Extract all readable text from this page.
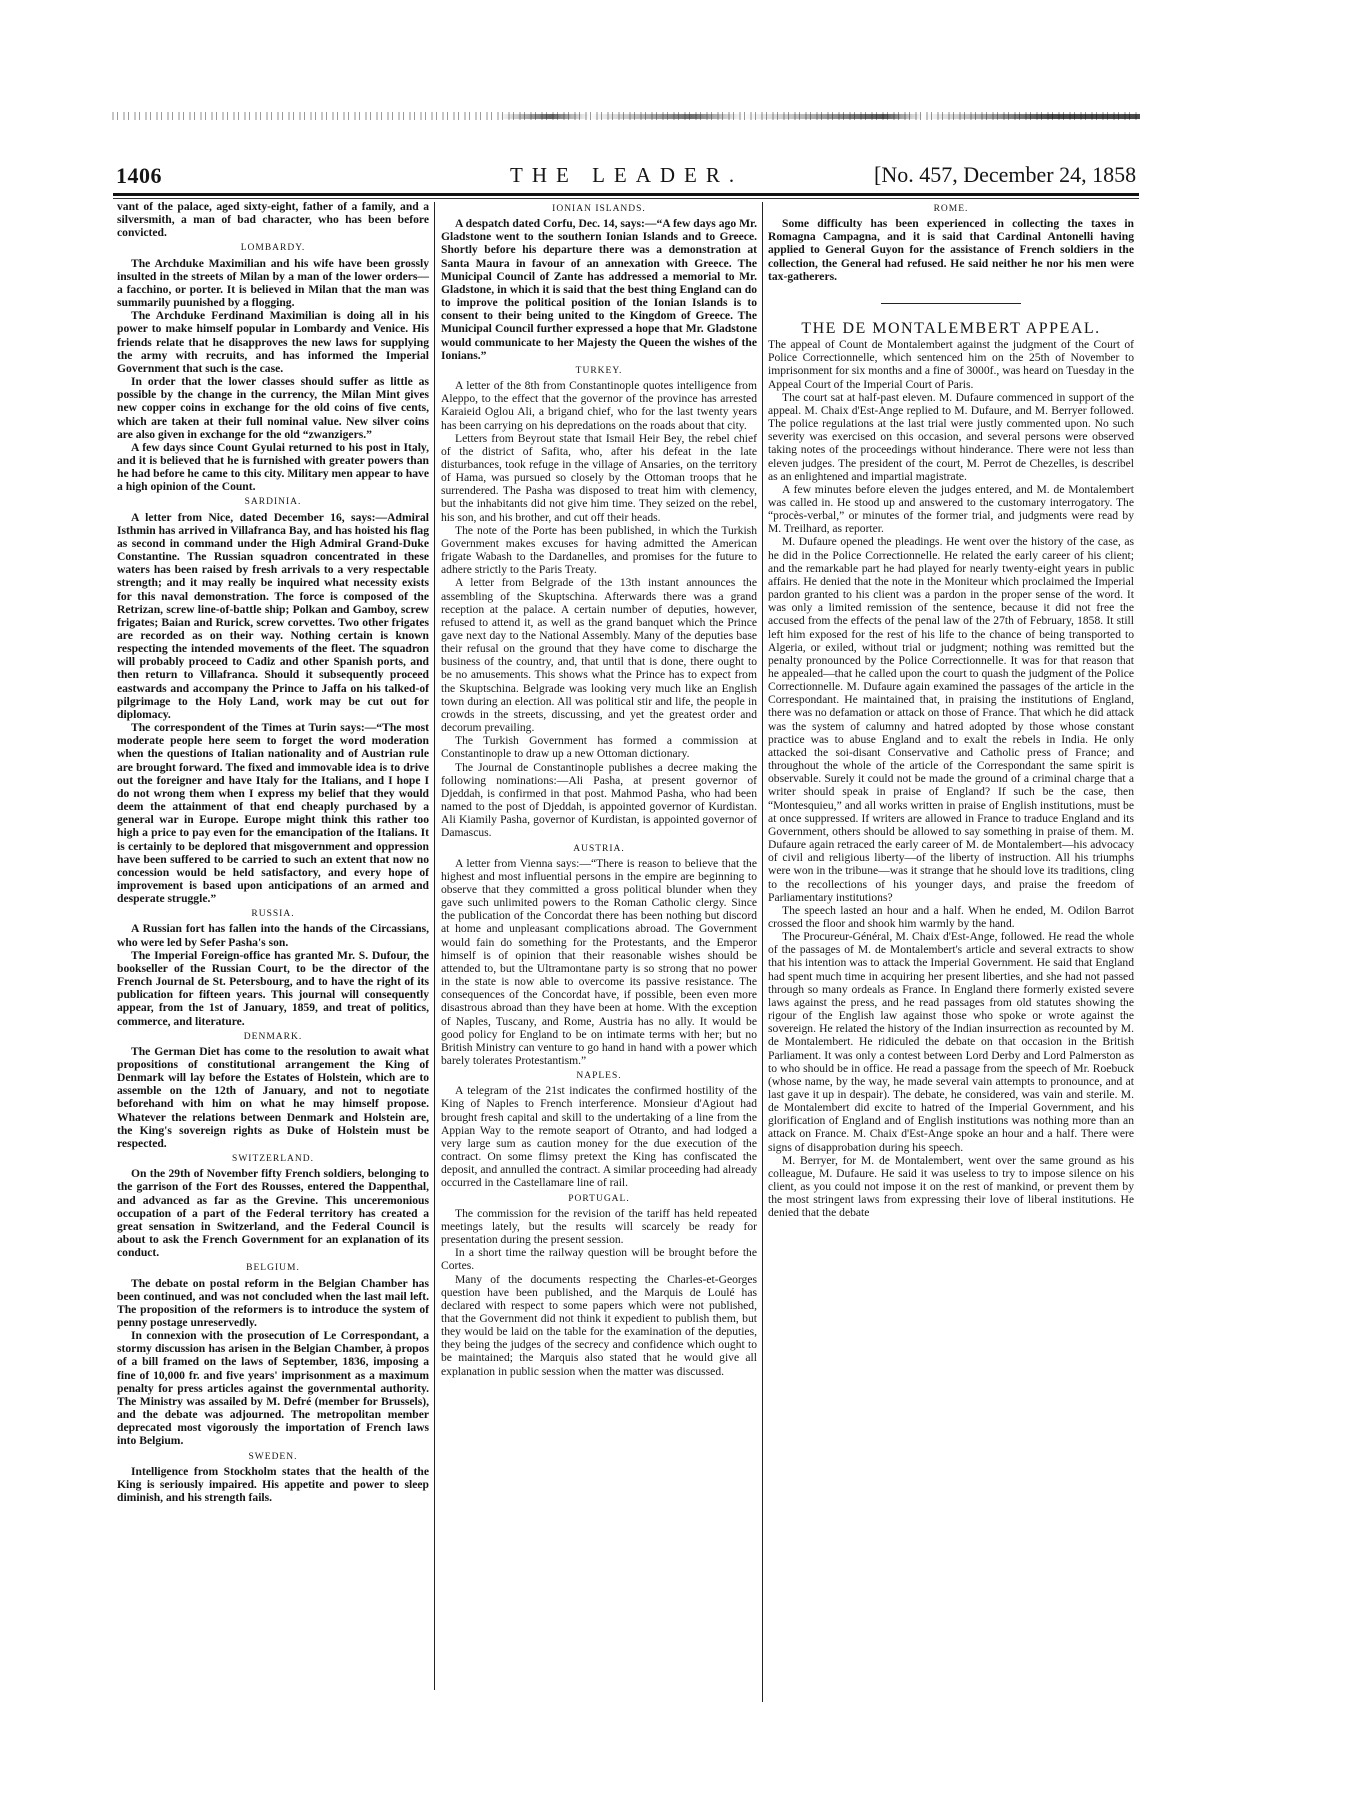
1406	THE LEADER.	[No. 457, December 24, 1858

vant of the palace, aged sixty-eight, father of a family, and a silversmith, a man of bad character, who has been before convicted.

LOMBARDY.

The Archduke Maximilian and his wife have been grossly insulted in the streets of Milan by a man of the lower orders—a facchino, or porter. It is believed in Milan that the man was summarily puunished by a flogging.

The Archduke Ferdinand Maximilian is doing all in his power to make himself popular in Lombardy and Venice. His friends relate that he disapproves the new laws for supplying the army with recruits, and has informed the Imperial Government that such is the case.

In order that the lower classes should suffer as little as possible by the change in the currency, the Milan Mint gives new copper coins in exchange for the old coins of five cents, which are taken at their full nominal value. New silver coins are also given in exchange for the old “zwanzigers.”

A few days since Count Gyulai returned to his post in Italy, and it is believed that he is furnished with greater powers than he had before he came to this city. Military men appear to have a high opinion of the Count.

SARDINIA.

A letter from Nice, dated December 16, says:—Admiral Isthmin has arrived in Villafranca Bay, and has hoisted his flag as second in command under the High Admiral Grand-Duke Constantine. The Russian squadron concentrated in these waters has been raised by fresh arrivals to a very respectable strength; and it may really be inquired what necessity exists for this naval demonstration. The force is composed of the Retrizan, screw line-of-battle ship; Polkan and Gamboy, screw frigates; Baian and Rurick, screw corvettes. Two other frigates are recorded as on their way. Nothing certain is known respecting the intended movements of the fleet. The squadron will probably proceed to Cadiz and other Spanish ports, and then return to Villafranca. Should it subsequently proceed eastwards and accompany the Prince to Jaffa on his talked-of pilgrimage to the Holy Land, work may be cut out for diplomacy.

The correspondent of the Times at Turin says:—“The most moderate people here seem to forget the word moderation when the questions of Italian nationality and of Austrian rule are brought forward. The fixed and immovable idea is to drive out the foreigner and have Italy for the Italians, and I hope I do not wrong them when I express my belief that they would deem the attainment of that end cheaply purchased by a general war in Europe. Europe might think this rather too high a price to pay even for the emancipation of the Italians. It is certainly to be deplored that misgovernment and oppression have been suffered to be carried to such an extent that now no concession would be held satisfactory, and every hope of improvement is based upon anticipations of an armed and desperate struggle.”

RUSSIA.

A Russian fort has fallen into the hands of the Circassians, who were led by Sefer Pasha's son.

The Imperial Foreign-office has granted Mr. S. Dufour, the bookseller of the Russian Court, to be the director of the French Journal de St. Petersbourg, and to have the right of its publication for fifteen years. This journal will consequently appear, from the 1st of January, 1859, and treat of politics, commerce, and literature.

DENMARK.

The German Diet has come to the resolution to await what propositions of constitutional arrangement the King of Denmark will lay before the Estates of Holstein, which are to assemble on the 12th of January, and not to negotiate beforehand with him on what he may himself propose. Whatever the relations between Denmark and Holstein are, the King's sovereign rights as Duke of Holstein must be respected.

SWITZERLAND.

On the 29th of November fifty French soldiers, belonging to the garrison of the Fort des Rousses, entered the Dappenthal, and advanced as far as the Grevine. This unceremonious occupation of a part of the Federal territory has created a great sensation in Switzerland, and the Federal Council is about to ask the French Government for an explanation of its conduct.

BELGIUM.

The debate on postal reform in the Belgian Chamber has been continued, and was not concluded when the last mail left. The proposition of the reformers is to introduce the system of penny postage unreservedly.

In connexion with the prosecution of Le Correspondant, a stormy discussion has arisen in the Belgian Chamber, à propos of a bill framed on the laws of September, 1836, imposing a fine of 10,000 fr. and five years' imprisonment as a maximum penalty for press articles against the governmental authority. The Ministry was assailed by M. Defré (member for Brussels), and the debate was adjourned. The metropolitan member deprecated most vigorously the importation of French laws into Belgium.

SWEDEN.

Intelligence from Stockholm states that the health of the King is seriously impaired. His appetite and power to sleep diminish, and his strength fails.

IONIAN ISLANDS.

A despatch dated Corfu, Dec. 14, says:—“A few days ago Mr. Gladstone went to the southern Ionian Islands and to Greece. Shortly before his departure there was a demonstration at Santa Maura in favour of an annexation with Greece. The Municipal Council of Zante has addressed a memorial to Mr. Gladstone, in which it is said that the best thing England can do to improve the political position of the Ionian Islands is to consent to their being united to the Kingdom of Greece. The Municipal Council further expressed a hope that Mr. Gladstone would communicate to her Majesty the Queen the wishes of the Ionians.”

TURKEY.

A letter of the 8th from Constantinople quotes intelligence from Aleppo, to the effect that the governor of the province has arrested Karaieid Oglou Ali, a brigand chief, who for the last twenty years has been carrying on his depredations on the roads about that city.

Letters from Beyrout state that Ismail Heir Bey, the rebel chief of the district of Safita, who, after his defeat in the late disturbances, took refuge in the village of Ansaries, on the territory of Hama, was pursued so closely by the Ottoman troops that he surrendered. The Pasha was disposed to treat him with clemency, but the inhabitants did not give him time. They seized on the rebel, his son, and his brother, and cut off their heads.

The note of the Porte has been published, in which the Turkish Government makes excuses for having admitted the American frigate Wabash to the Dardanelles, and promises for the future to adhere strictly to the Paris Treaty.

A letter from Belgrade of the 13th instant announces the assembling of the Skuptschina. Afterwards there was a grand reception at the palace. A certain number of deputies, however, refused to attend it, as well as the grand banquet which the Prince gave next day to the National Assembly. Many of the deputies base their refusal on the ground that they have come to discharge the business of the country, and, that until that is done, there ought to be no amusements. This shows what the Prince has to expect from the Skuptschina. Belgrade was looking very much like an English town during an election. All was political stir and life, the people in crowds in the streets, discussing, and yet the greatest order and decorum prevailing.

The Turkish Government has formed a commission at Constantinople to draw up a new Ottoman dictionary.

The Journal de Constantinople publishes a decree making the following nominations:—Ali Pasha, at present governor of Djeddah, is confirmed in that post. Mahmod Pasha, who had been named to the post of Djeddah, is appointed governor of Kurdistan. Ali Kiamily Pasha, governor of Kurdistan, is appointed governor of Damascus.

AUSTRIA.

A letter from Vienna says:—“There is reason to believe that the highest and most influential persons in the empire are beginning to observe that they committed a gross political blunder when they gave such unlimited powers to the Roman Catholic clergy. Since the publication of the Concordat there has been nothing but discord at home and unpleasant complications abroad. The Government would fain do something for the Protestants, and the Emperor himself is of opinion that their reasonable wishes should be attended to, but the Ultramontane party is so strong that no power in the state is now able to overcome its passive resistance. The consequences of the Concordat have, if possible, been even more disastrous abroad than they have been at home. With the exception of Naples, Tuscany, and Rome, Austria has no ally. It would be good policy for England to be on intimate terms with her; but no British Ministry can venture to go hand in hand with a power which barely tolerates Protestantism.”

NAPLES.

A telegram of the 21st indicates the confirmed hostility of the King of Naples to French interference. Monsieur d'Agiout had brought fresh capital and skill to the undertaking of a line from the Appian Way to the remote seaport of Otranto, and had lodged a very large sum as caution money for the due execution of the contract. On some flimsy pretext the King has confiscated the deposit, and annulled the contract. A similar proceeding had already occurred in the Castellamare line of rail.

PORTUGAL.

The commission for the revision of the tariff has held repeated meetings lately, but the results will scarcely be ready for presentation during the present session.

In a short time the railway question will be brought before the Cortes.

Many of the documents respecting the Charles-et-Georges question have been published, and the Marquis de Loulé has declared with respect to some papers which were not published, that the Government did not think it expedient to publish them, but they would be laid on the table for the examination of the deputies, they being the judges of the secrecy and confidence which ought to be maintained; the Marquis also stated that he would give all explanation in public session when the matter was discussed.

ROME.

Some difficulty has been experienced in collecting the taxes in Romagna Campagna, and it is said that Cardinal Antonelli having applied to General Guyon for the assistance of French soldiers in the collection, the General had refused. He said neither he nor his men were tax-gatherers.

THE DE MONTALEMBERT APPEAL.

The appeal of Count de Montalembert against the judgment of the Court of Police Correctionnelle, which sentenced him on the 25th of November to imprisonment for six months and a fine of 3000f., was heard on Tuesday in the Appeal Court of the Imperial Court of Paris.

The court sat at half-past eleven. M. Dufaure commenced in support of the appeal. M. Chaix d'Est-Ange replied to M. Dufaure, and M. Berryer followed. The police regulations at the last trial were justly commented upon. No such severity was exercised on this occasion, and several persons were observed taking notes of the proceedings without hinderance. There were not less than eleven judges. The president of the court, M. Perrot de Chezelles, is describel as an enlightened and impartial magistrate.

A few minutes before eleven the judges entered, and M. de Montalembert was called in. He stood up and answered to the customary interrogatory. The “procès-verbal,” or minutes of the former trial, and judgments were read by M. Treilhard, as reporter.

M. Dufaure opened the pleadings. He went over the history of the case, as he did in the Police Correctionnelle. He related the early career of his client; and the remarkable part he had played for nearly twenty-eight years in public affairs. He denied that the note in the Moniteur which proclaimed the Imperial pardon granted to his client was a pardon in the proper sense of the word. It was only a limited remission of the sentence, because it did not free the accused from the effects of the penal law of the 27th of February, 1858. It still left him exposed for the rest of his life to the chance of being transported to Algeria, or exiled, without trial or judgment; nothing was remitted but the penalty pronounced by the Police Correctionnelle. It was for that reason that he appealed—that he called upon the court to quash the judgment of the Police Correctionnelle. M. Dufaure again examined the passages of the article in the Correspondant. He maintained that, in praising the institutions of England, there was no defamation or attack on those of France. That which he did attack was the system of calumny and hatred adopted by those whose constant practice was to abuse England and to exalt the rebels in India. He only attacked the soi-disant Conservative and Catholic press of France; and throughout the whole of the article of the Correspondant the same spirit is observable. Surely it could not be made the ground of a criminal charge that a writer should speak in praise of England? If such be the case, then “Montesquieu,” and all works written in praise of English institutions, must be at once suppressed. If writers are allowed in France to traduce England and its Government, others should be allowed to say something in praise of them. M. Dufaure again retraced the early career of M. de Montalembert—his advocacy of civil and religious liberty—of the liberty of instruction. All his triumphs were won in the tribune—was it strange that he should love its traditions, cling to the recollections of his younger days, and praise the freedom of Parliamentary institutions?

The speech lasted an hour and a half. When he ended, M. Odilon Barrot crossed the floor and shook him warmly by the hand.

The Procureur-Général, M. Chaix d'Est-Ange, followed. He read the whole of the passages of M. de Montalembert's article and several extracts to show that his intention was to attack the Imperial Government. He said that England had spent much time in acquiring her present liberties, and she had not passed through so many ordeals as France. In England there formerly existed severe laws against the press, and he read passages from old statutes showing the rigour of the English law against those who spoke or wrote against the sovereign. He related the history of the Indian insurrection as recounted by M. de Montalembert. He ridiculed the debate on that occasion in the British Parliament. It was only a contest between Lord Derby and Lord Palmerston as to who should be in office. He read a passage from the speech of Mr. Roebuck (whose name, by the way, he made several vain attempts to pronounce, and at last gave it up in despair). The debate, he considered, was vain and sterile. M. de Montalembert did excite to hatred of the Imperial Government, and his glorification of England and of English institutions was nothing more than an attack on France. M. Chaix d'Est-Ange spoke an hour and a half. There were signs of disapprobation during his speech.

M. Berryer, for M. de Montalembert, went over the same ground as his colleague, M. Dufaure. He said it was useless to try to impose silence on his client, as you could not impose it on the rest of mankind, or prevent them by the most stringent laws from expressing their love of liberal institutions. He denied that the debate
